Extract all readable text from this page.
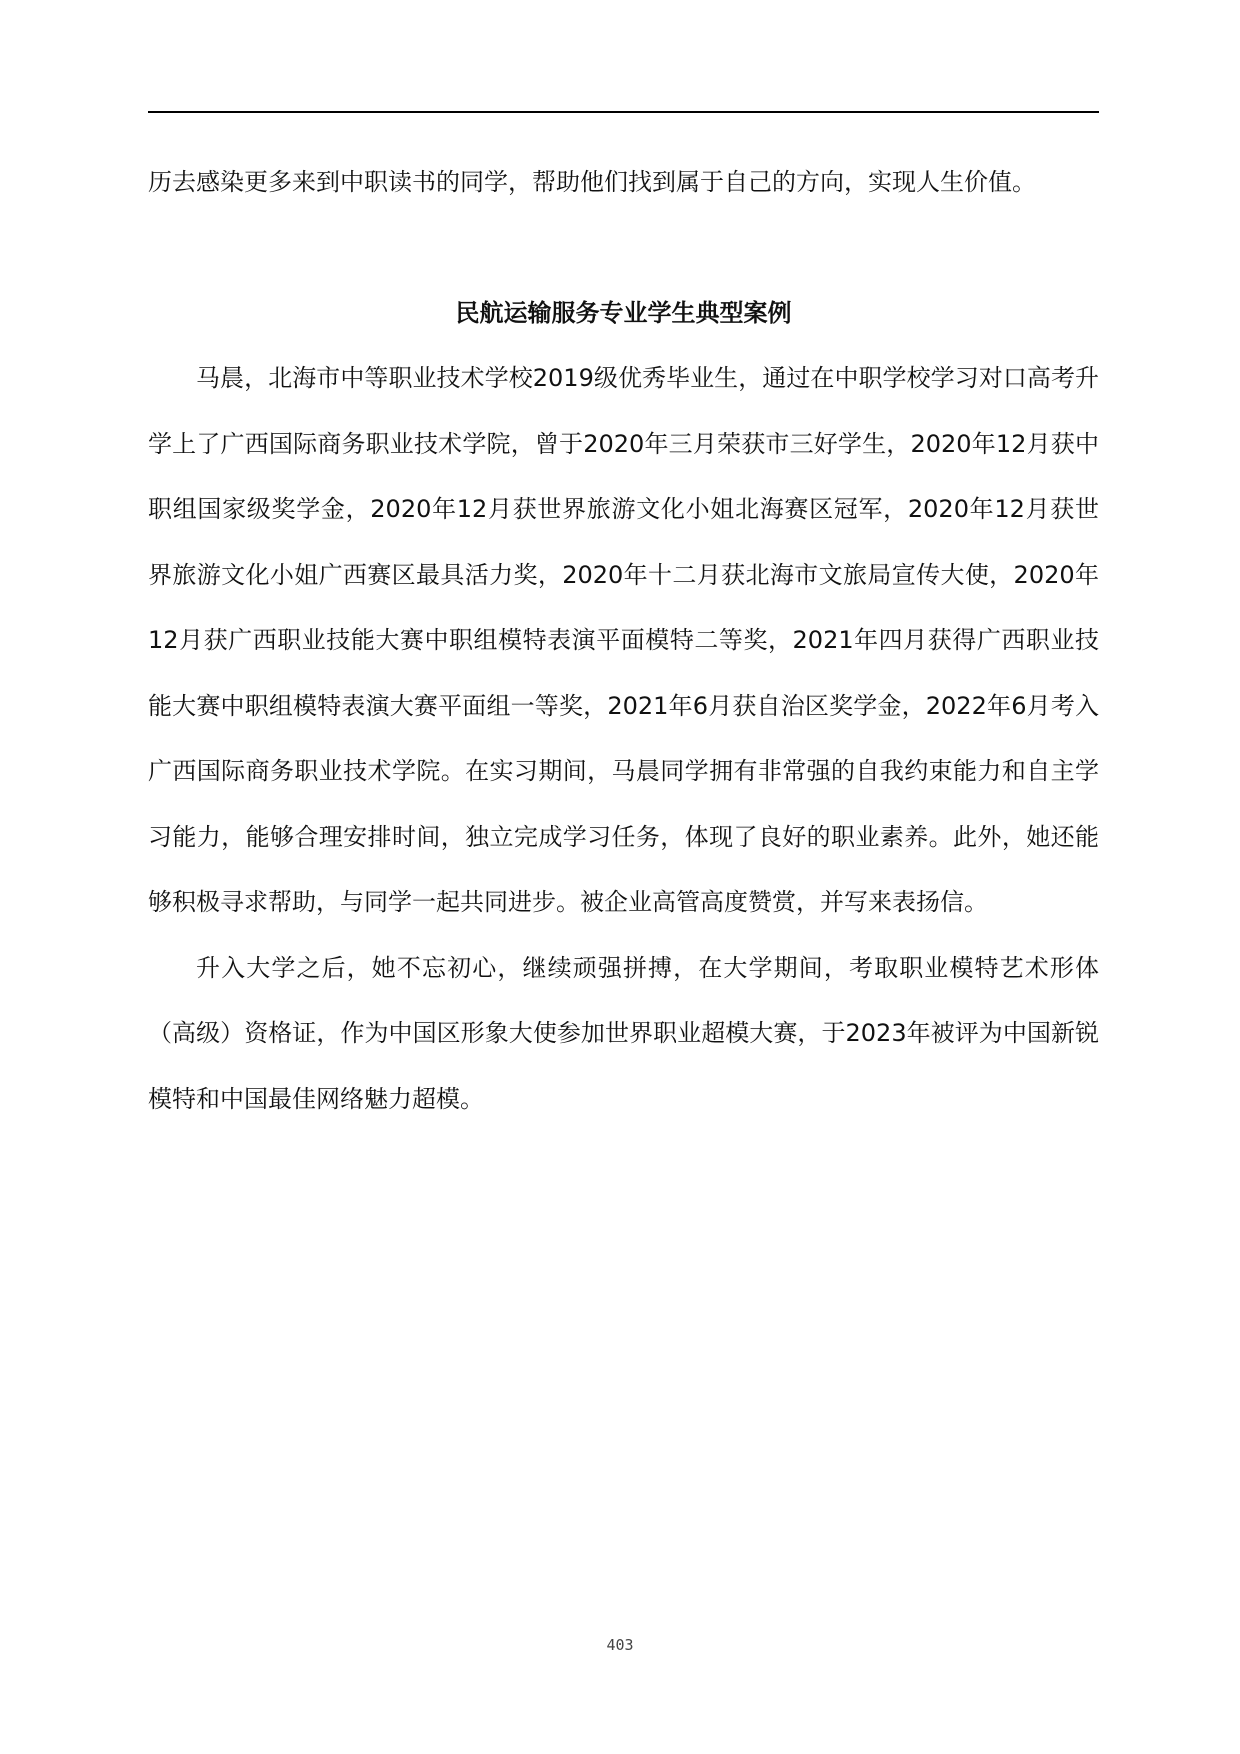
历去感染更多来到中职读书的同学，帮助他们找到属于自己的方向，实现人生价值。

民航运输服务专业学生典型案例

马晨，北海市中等职业技术学校2019级优秀毕业生，通过在中职学校学习对口高考升学上了广西国际商务职业技术学院，曾于2020年三月荣获市三好学生，2020年12月获中职组国家级奖学金，2020年12月获世界旅游文化小姐北海赛区冠军，2020年12月获世界旅游文化小姐广西赛区最具活力奖，2020年十二月获北海市文旅局宣传大使，2020年12月获广西职业技能大赛中职组模特表演平面模特二等奖，2021年四月获得广西职业技能大赛中职组模特表演大赛平面组一等奖，2021年6月获自治区奖学金，2022年6月考入广西国际商务职业技术学院。在实习期间，马晨同学拥有非常强的自我约束能力和自主学习能力，能够合理安排时间，独立完成学习任务，体现了良好的职业素养。此外，她还能够积极寻求帮助，与同学一起共同进步。被企业高管高度赞赏，并写来表扬信。

升入大学之后，她不忘初心，继续顽强拼搏，在大学期间，考取职业模特艺术形体（高级）资格证，作为中国区形象大使参加世界职业超模大赛，于2023年被评为中国新锐模特和中国最佳网络魅力超模。

403
